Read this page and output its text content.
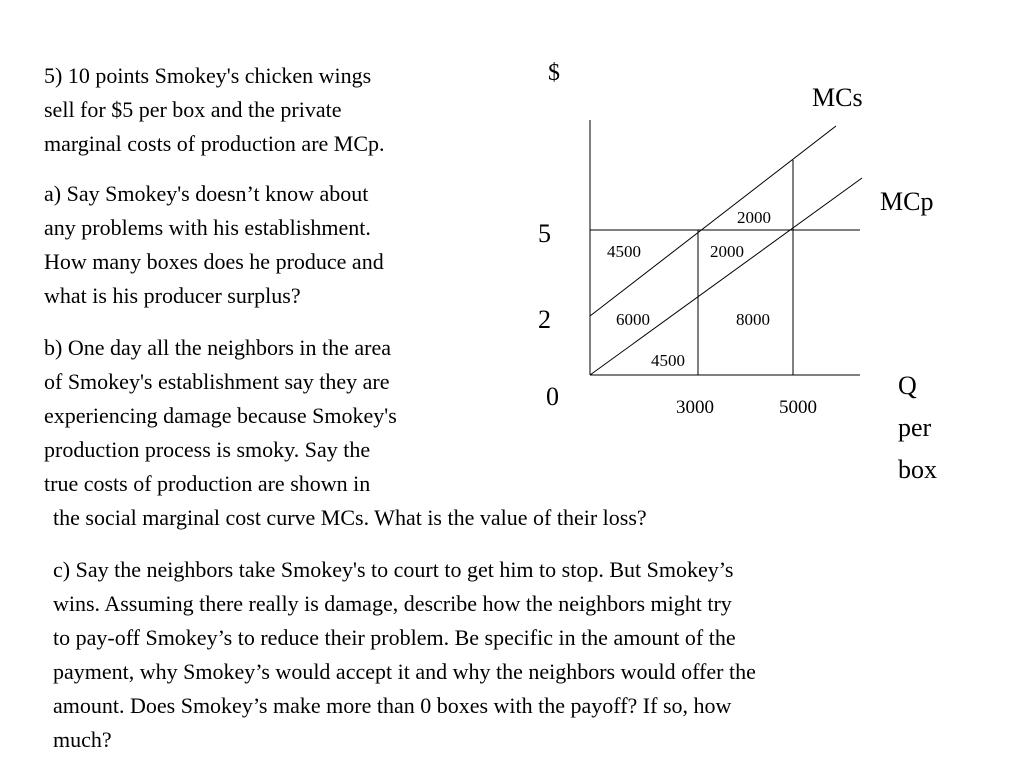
5) 10 points Smokey's chicken wings
sell for $5 per box and the private
marginal costs of production are MCp.
a) Say Smokey's doesn’t know about
any problems with his establishment.
How many boxes does he produce and
what is his producer surplus?
b) One day all the neighbors in the area
of Smokey's establishment say they are
experiencing damage because Smokey's
production process is smoky. Say the
true costs of production are shown in
the social marginal cost curve MCs. What is the value of their loss?
c) Say the neighbors take Smokey's to court to get him to stop. But Smokey’s
wins. Assuming there really is damage, describe how the neighbors might try
to pay-off Smokey’s to reduce their problem. Be specific in the amount of the
payment, why Smokey’s would accept it and why the neighbors would offer the
amount. Does Smokey’s make more than 0 boxes with the payoff? If so, how
much?
$
5
2
0	3000	5000
Q
per
box
MCs
MCp
2000
4500	2000
6000	8000
4500
